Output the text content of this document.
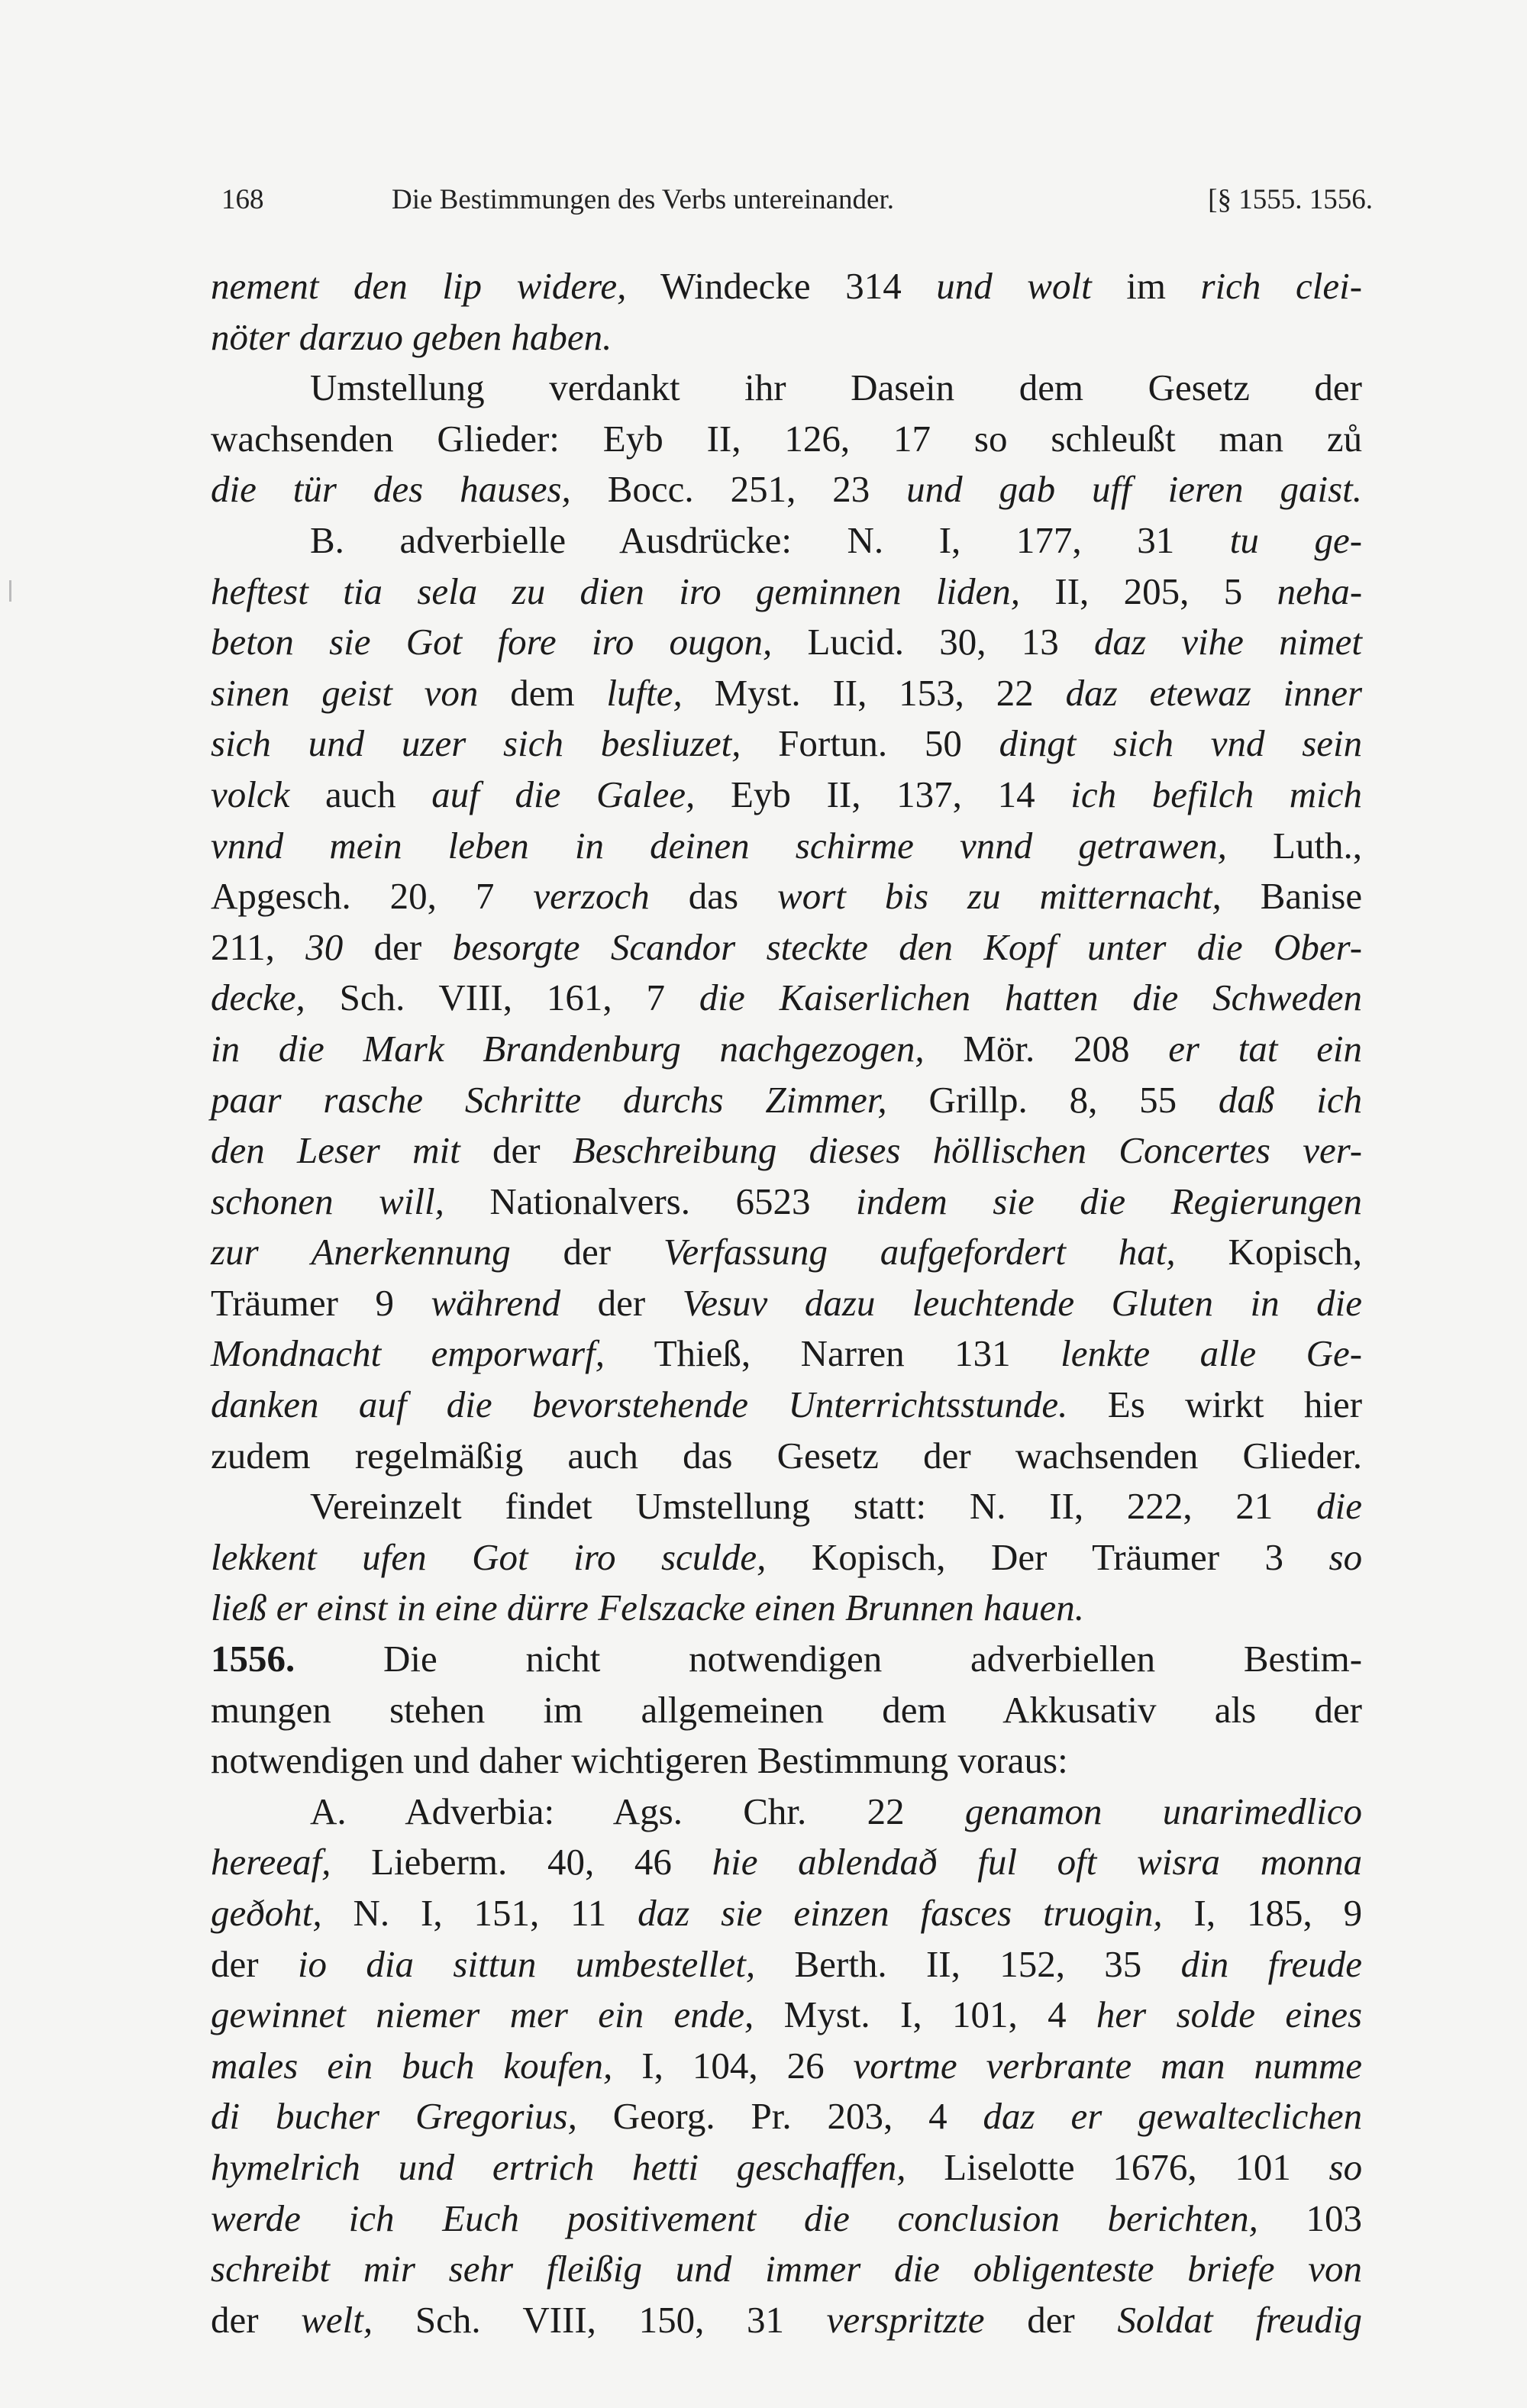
168	Die Bestimmungen des Verbs untereinander.	[§ 1555. 1556.
nement den lip widere, Windecke 314 und wolt im rich clei-
nöter darzuo geben haben.
Umstellung verdankt ihr Dasein dem Gesetz der
wachsenden Glieder: Eyb II, 126, 17 so schleußt man zů
die tür des hauses, Bocc. 251, 23 und gab uff ieren gaist.
B. adverbielle Ausdrücke: N. I, 177, 31 tu ge-
heftest tia sela zu dien iro geminnen liden, II, 205, 5 neha-
beton sie Got fore iro ougon, Lucid. 30, 13 daz vihe nimet
sinen geist von dem lufte, Myst. II, 153, 22 daz etewaz inner
sich und uzer sich besliuzet, Fortun. 50 dingt sich vnd sein
volck auch auf die Galee, Eyb II, 137, 14 ich befilch mich
vnnd mein leben in deinen schirme vnnd getrawen, Luth.,
Apgesch. 20, 7 verzoch das wort bis zu mitternacht, Banise
211, 30 der besorgte Scandor steckte den Kopf unter die Ober-
decke, Sch. VIII, 161, 7 die Kaiserlichen hatten die Schweden
in die Mark Brandenburg nachgezogen, Mör. 208 er tat ein
paar rasche Schritte durchs Zimmer, Grillp. 8, 55 daß ich
den Leser mit der Beschreibung dieses höllischen Concertes ver-
schonen will, Nationalvers. 6523 indem sie die Regierungen
zur Anerkennung der Verfassung aufgefordert hat, Kopisch,
Träumer 9 während der Vesuv dazu leuchtende Gluten in die
Mondnacht emporwarf, Thieß, Narren 131 lenkte alle Ge-
danken auf die bevorstehende Unterrichtsstunde. Es wirkt hier
zudem regelmäßig auch das Gesetz der wachsenden Glieder.
Vereinzelt findet Umstellung statt: N. II, 222, 21 die
lekkent ufen Got iro sculde, Kopisch, Der Träumer 3 so
ließ er einst in eine dürre Felszacke einen Brunnen hauen.
1556. Die nicht notwendigen adverbiellen Bestim-
mungen stehen im allgemeinen dem Akkusativ als der
notwendigen und daher wichtigeren Bestimmung voraus:
A. Adverbia: Ags. Chr. 22 genamon unarimedlico
hereeaf, Lieberm. 40, 46 hie ablendað ful oft wisra monna
geðoht, N. I, 151, 11 daz sie einzen fasces truogin, I, 185, 9
der io dia sittun umbestellet, Berth. II, 152, 35 din freude
gewinnet niemer mer ein ende, Myst. I, 101, 4 her solde eines
males ein buch koufen, I, 104, 26 vortme verbrante man numme
di bucher Gregorius, Georg. Pr. 203, 4 daz er gewalteclichen
hymelrich und ertrich hetti geschaffen, Liselotte 1676, 101 so
werde ich Euch positivement die conclusion berichten, 103
schreibt mir sehr fleißig und immer die obligenteste briefe von
der welt, Sch. VIII, 150, 31 verspritzte der Soldat freudig
